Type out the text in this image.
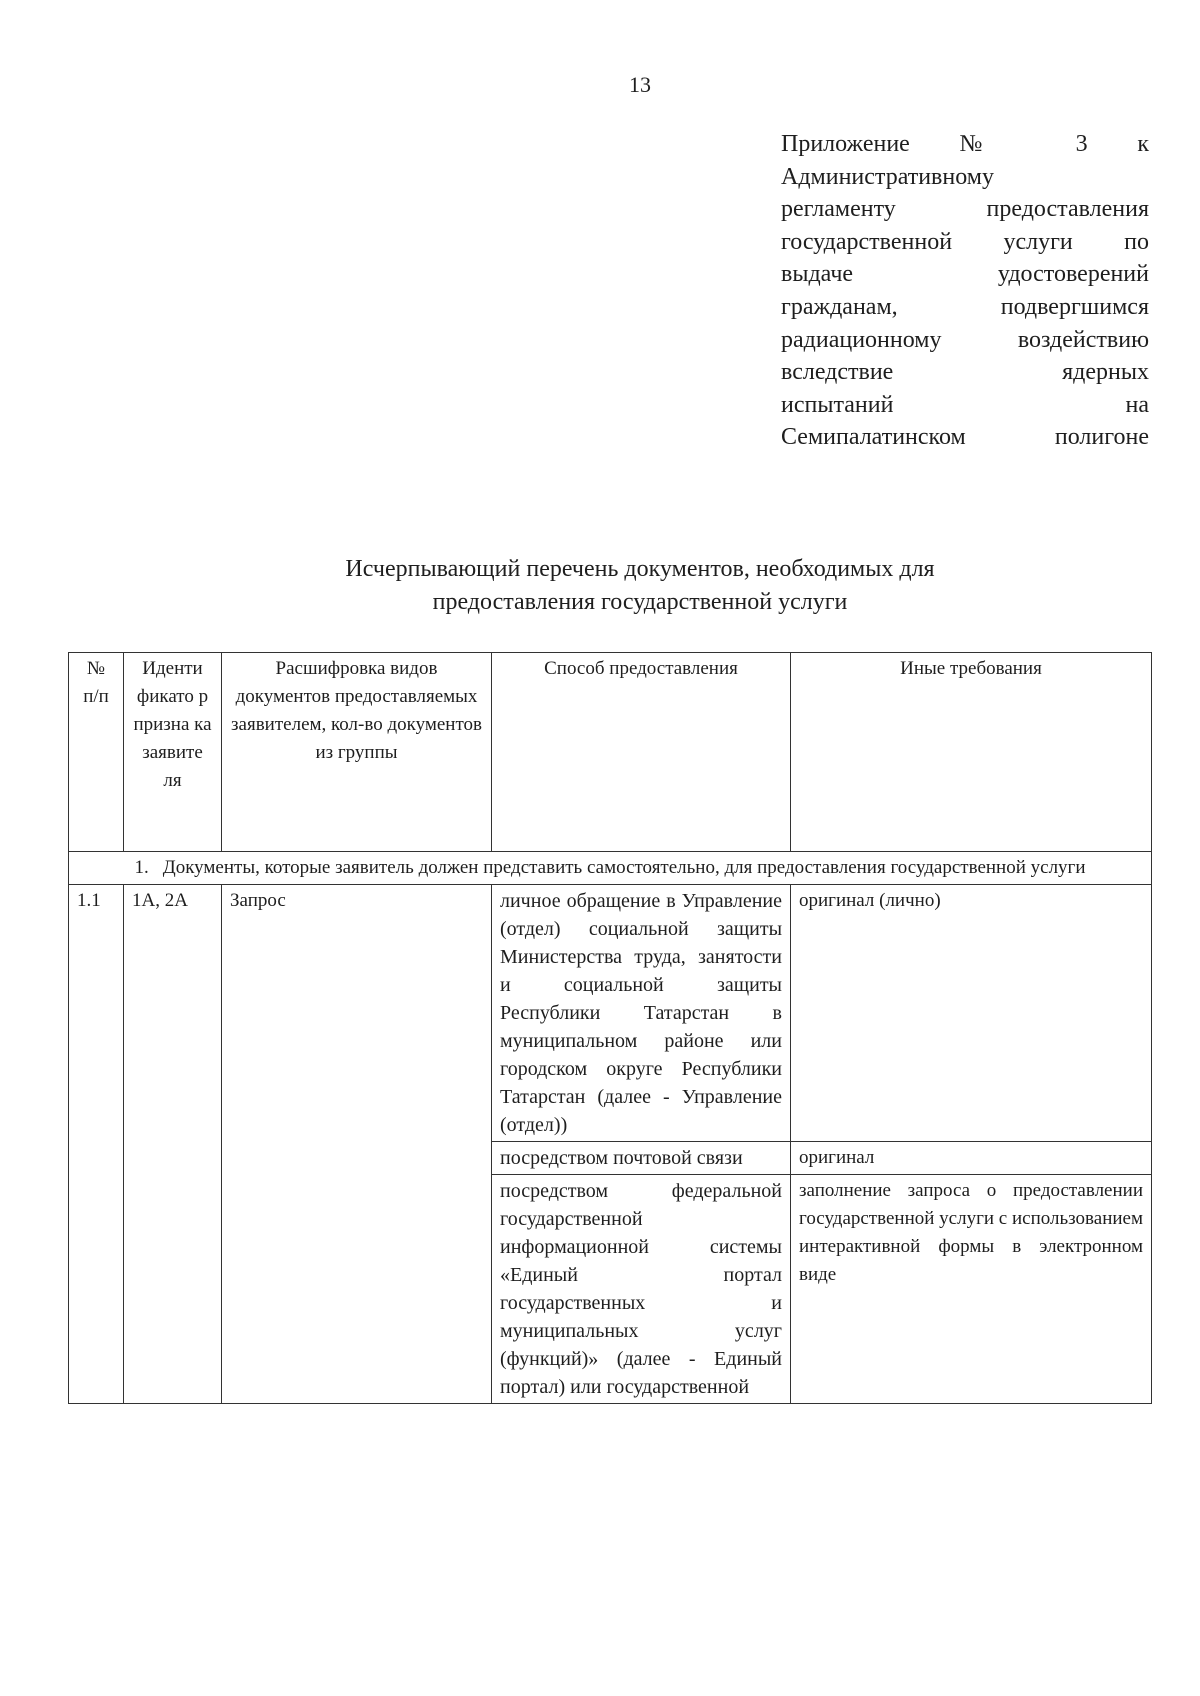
13
Приложение № 3 к
Административному
регламенту предоставления
государственной услуги по
выдаче удостоверений
гражданам, подвергшимся
радиационному воздействию
вследствие ядерных
испытаний на
Семипалатинском полигоне
Исчерпывающий перечень документов, необходимых для
предоставления государственной услуги
№ п/п	Иденти фикато р призна ка заявите ля	Расшифровка видов документов предоставляемых заявителем, кол-во документов из группы	Способ предоставления	Иные требования
1. Документы, которые заявитель должен представить самостоятельно, для предоставления государственной услуги				
1.1	1А, 2А	Запрос	личное обращение в Управление (отдел) социальной защиты Министерства труда, занятости и социальной защиты Республики Татарстан в муниципальном районе или городском округе Республики Татарстан (далее - Управление (отдел))	оригинал (лично)
			посредством почтовой связи	оригинал
			посредством федеральной государственной информационной системы «Единый портал государственных и муниципальных услуг (функций)» (далее - Единый портал) или государственной	заполнение запроса о предоставлении государственной услуги с использованием интерактивной формы в электронном виде
